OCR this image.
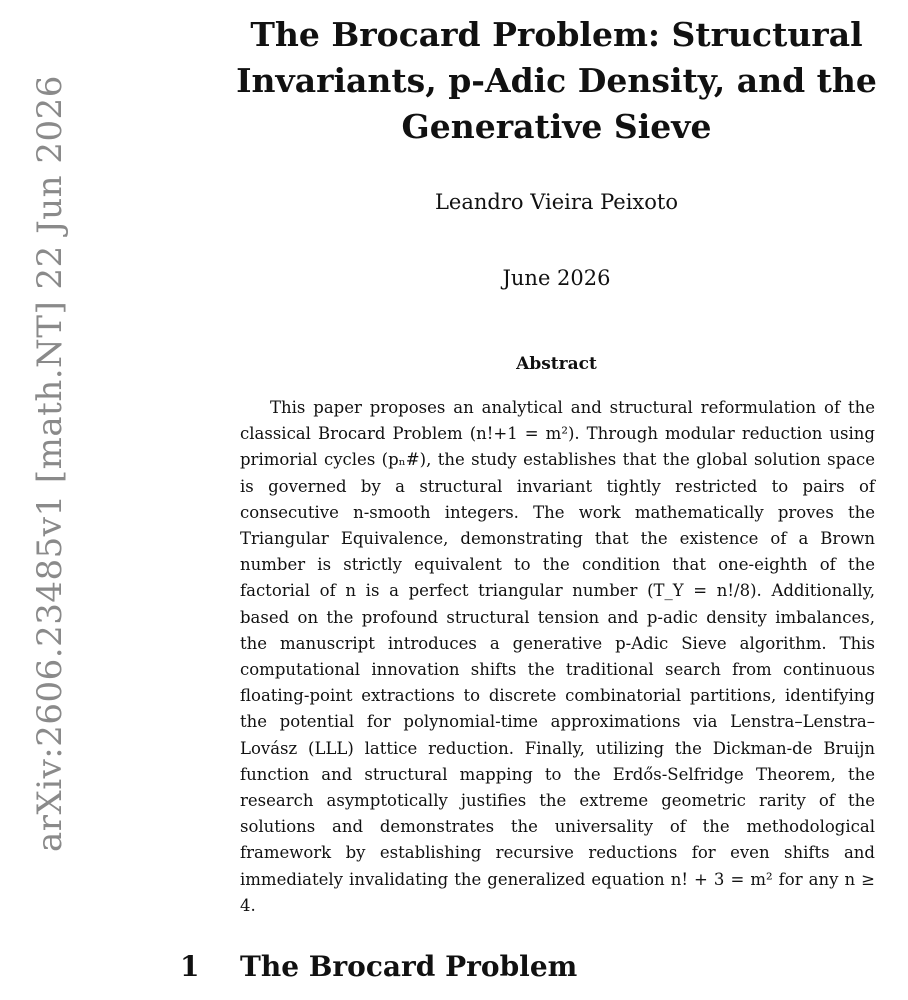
arXiv:2606.23485v1 [math.NT] 22 Jun 2026
The Brocard Problem: Structural Invariants, p-Adic Density, and the Generative Sieve
Leandro Vieira Peixoto
June 2026
Abstract

This paper proposes an analytical and structural reformulation of the classical Brocard Problem (n!+1 = m²). Through modular reduction using primorial cycles (pₙ#), the study establishes that the global solution space is governed by a structural invariant tightly restricted to pairs of consecutive n-smooth integers. The work mathematically proves the Triangular Equivalence, demonstrating that the existence of a Brown number is strictly equivalent to the condition that one-eighth of the factorial of n is a perfect triangular number (T_Y = n!/8). Additionally, based on the profound structural tension and p-adic density imbalances, the manuscript introduces a generative p-Adic Sieve algorithm. This computational innovation shifts the traditional search from continuous floating-point extractions to discrete combinatorial partitions, identifying the potential for polynomial-time approximations via Lenstra–Lenstra–Lovász (LLL) lattice reduction. Finally, utilizing the Dickman-de Bruijn function and structural mapping to the Erdős-Selfridge Theorem, the research asymptotically justifies the extreme geometric rarity of the solutions and demonstrates the universality of the methodological framework by establishing recursive reductions for even shifts and immediately invalidating the generalized equation n! + 3 = m² for any n ≥ 4.

1 The Brocard Problem
